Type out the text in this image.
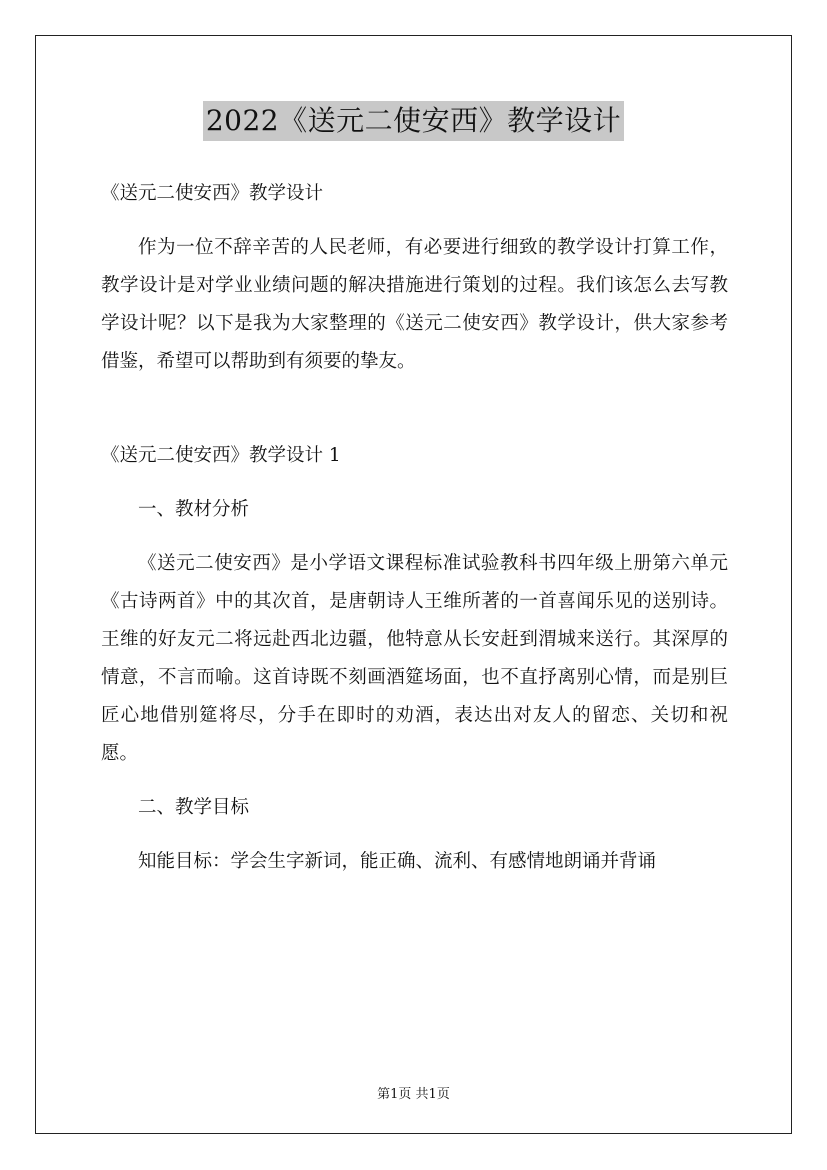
2022《送元二使安西》教学设计

《送元二使安西》教学设计

作为一位不辞辛苦的人民老师，有必要进行细致的教学设计打算工作，教学设计是对学业业绩问题的解决措施进行策划的过程。我们该怎么去写教学设计呢？以下是我为大家整理的《送元二使安西》教学设计，供大家参考借鉴，希望可以帮助到有须要的挚友。

《送元二使安西》教学设计 1

一、教材分析

《送元二使安西》是小学语文课程标准试验教科书四年级上册第六单元《古诗两首》中的其次首，是唐朝诗人王维所著的一首喜闻乐见的送别诗。王维的好友元二将远赴西北边疆，他特意从长安赶到渭城来送行。其深厚的情意，不言而喻。这首诗既不刻画酒筵场面，也不直抒离别心情，而是别巨匠心地借别筵将尽，分手在即时的劝酒，表达出对友人的留恋、关切和祝愿。

二、教学目标

知能目标：学会生字新词，能正确、流利、有感情地朗诵并背诵

第1页 共1页
